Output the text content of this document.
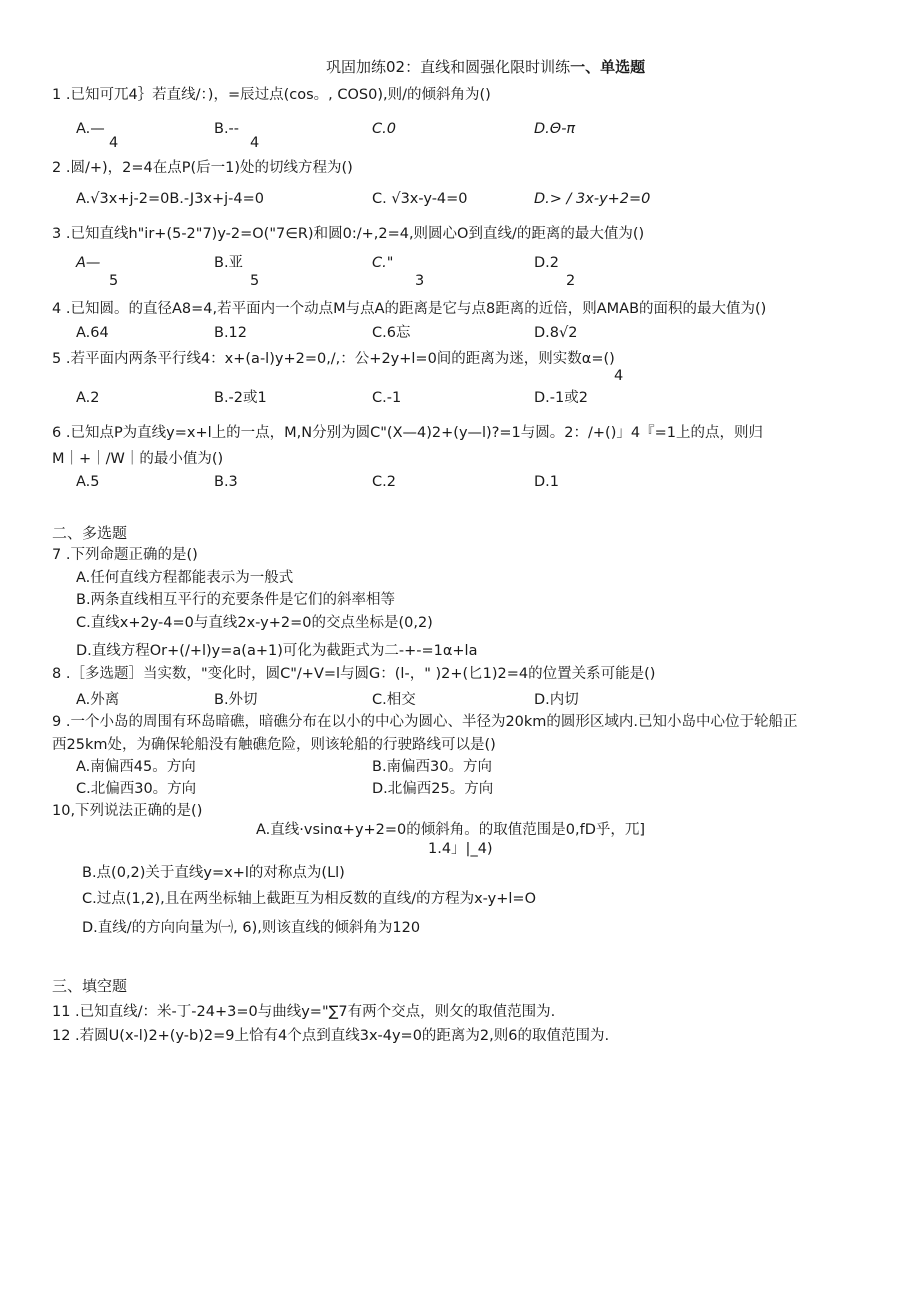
巩固加练02：直线和圆强化限时训练一、单选题
1 .已知可兀4｝若直线/：)，=辰过点(cos。, COS0),则/的倾斜角为()
A.—
4
B.--
4
C.0	D.Θ-π
2 .圆/+)，2=4在点P(后一1)处的切线方程为()
A.√3x+j-2=0B.-J3x+j-4=0	C. √3x-y-4=0	D.> / 3x-y+2=0
3 .已知直线h"ir+(5-2"7)y-2=O("7∈R)和圆0:/+,2=4,则圆心O到直线/的距离的最大值为()
A—
5
B.亚
5
C."
3
D.2
2
4 .已知圆。的直径A8=4,若平面内一个动点M与点A的距离是它与点8距离的近倍，则AMAB的面积的最大值为()
A.64	B.12	C.6忘	D.8√2
5 .若平面内两条平行线4：x+(a-l)y+2=0,/,：公+2y+l=0间的距离为迷，则实数α=()
4
A.2	B.-2或1	C.-1	D.-1或2
6 .已知点P为直线y=x+l上的一点，M,N分别为圆C"(X—4)2+(y—l)?=1与圆。2：/+()」4『=1上的点，则归
M｜+｜/W｜的最小值为()
A.5	B.3	C.2	D.1
二、多选题
7 .下列命题正确的是()
A.任何直线方程都能表示为一般式
B.两条直线相互平行的充要条件是它们的斜率相等
C.直线x+2y-4=0与直线2x-y+2=0的交点坐标是(0,2)
D.直线方程Or+(∕+l)y=a(a+1)可化为截距式为二-+-=1α+la
8 .［多选题］当实数，"变化时，圆C"/+V=l与圆G：(l-，" )2+(匕1)2=4的位置关系可能是()
A.外离	B.外切	C.相交	D.内切
9 .一个小岛的周围有环岛暗礁，暗礁分布在以小的中心为圆心、半径为20km的圆形区域内.已知小岛中心位于轮船正
西25km处，为确保轮船没有触礁危险，则该轮船的行驶路线可以是()
A.南偏西45。方向	B.南偏西30。方向
C.北偏西30。方向	D.北偏西25。方向
10,下列说法正确的是()
A.直线·vsinα+y+2=0的倾斜角。的取值范围是0,fD乎，兀]
1.4」|_4)
B.点(0,2)关于直线y=x+l的对称点为(Ll)
C.过点(1,2),且在两坐标轴上截距互为相反数的直线/的方程为x-y+l=O
D.直线/的方向向量为㈠, 6),则该直线的倾斜角为120
三、填空题
11 .已知直线/：米-丁-24+3=0与曲线y="∑7有两个交点，则攵的取值范围为.
12 .若圆U(x-l)2+(y-b)2=9上恰有4个点到直线3x-4y=0的距离为2,则6的取值范围为.
